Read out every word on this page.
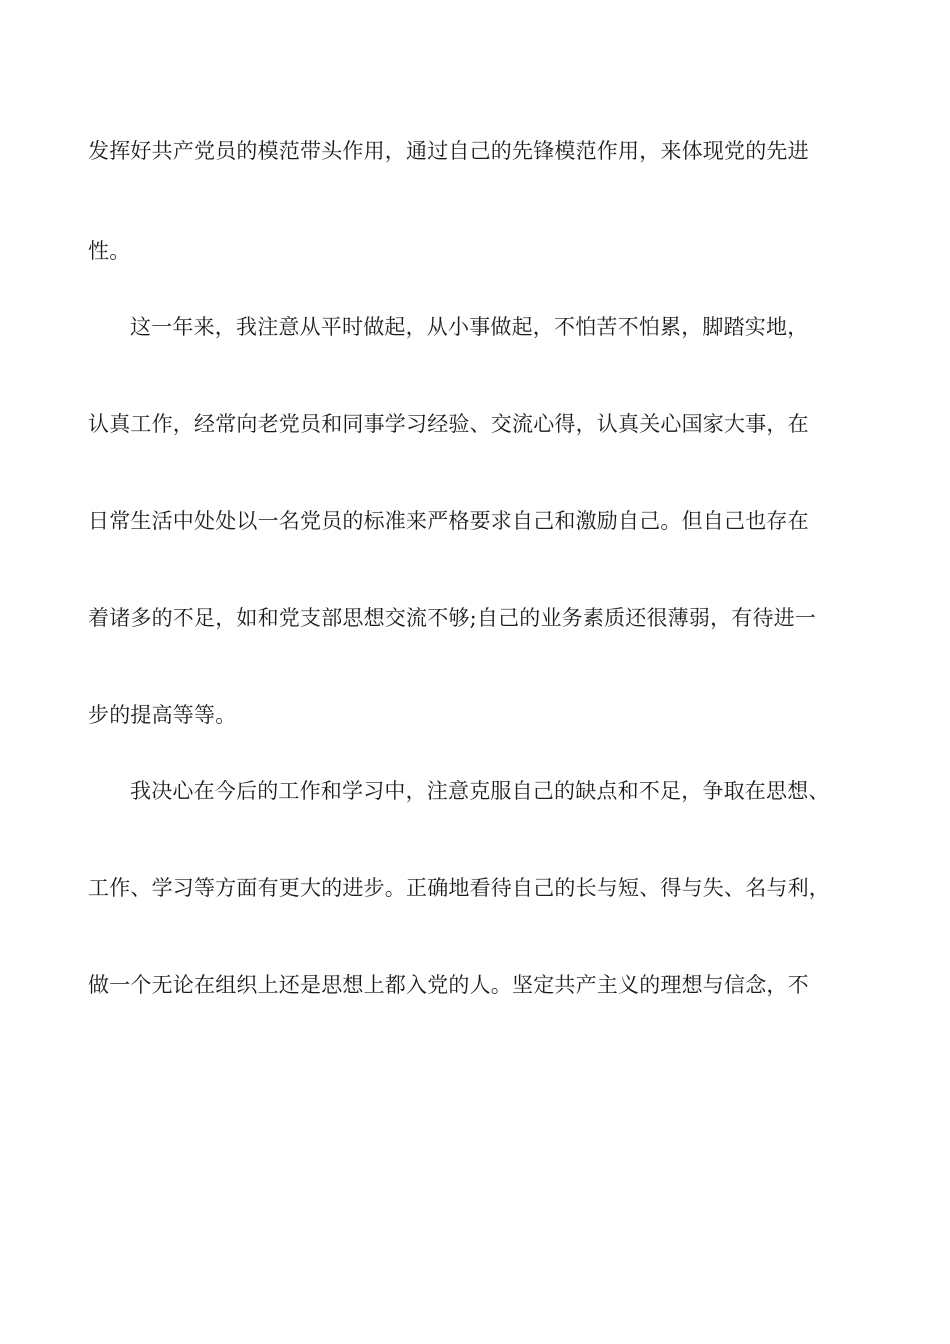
发挥好共产党员的模范带头作用，通过自己的先锋模范作用，来体现党的先进
性。
这一年来，我注意从平时做起，从小事做起，不怕苦不怕累，脚踏实地，
认真工作，经常向老党员和同事学习经验、交流心得，认真关心国家大事，在
日常生活中处处以一名党员的标准来严格要求自己和激励自己。但自己也存在
着诸多的不足，如和党支部思想交流不够;自己的业务素质还很薄弱，有待进一
步的提高等等。
我决心在今后的工作和学习中，注意克服自己的缺点和不足，争取在思想、
工作、学习等方面有更大的进步。正确地看待自己的长与短、得与失、名与利，
做一个无论在组织上还是思想上都入党的人。坚定共产主义的理想与信念，不
